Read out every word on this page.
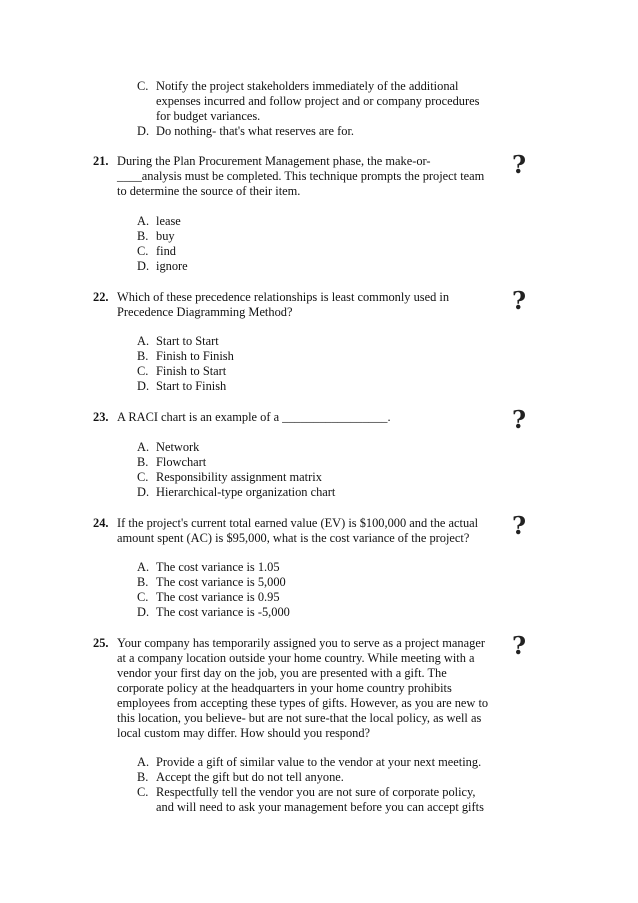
C. Notify the project stakeholders immediately of the additional
expenses incurred and follow project and or company procedures
for budget variances.
D. Do nothing- that's what reserves are for.
21. During the Plan Procurement Management phase, the make-or-
____analysis must be completed. This technique prompts the project team
to determine the source of their item.
?
A. lease
B. buy
C. find
D. ignore
22. Which of these precedence relationships is least commonly used in
Precedence Diagramming Method?	?
A. Start to Start
B. Finish to Finish
C. Finish to Start
D. Start to Finish
23. A RACI chart is an example of a _________________.	?
A. Network
B. Flowchart
C. Responsibility assignment matrix
D. Hierarchical-type organization chart
24. If the project's current total earned value (EV) is $100,000 and the actual
amount spent (AC) is $95,000, what is the cost variance of the project?	?
A. The cost variance is 1.05
B. The cost variance is 5,000
C. The cost variance is 0.95
D. The cost variance is -5,000
25. Your company has temporarily assigned you to serve as a project manager
at a company location outside your home country. While meeting with a
vendor your first day on the job, you are presented with a gift. The
corporate policy at the headquarters in your home country prohibits
employees from accepting these types of gifts. However, as you are new to
this location, you believe- but are not sure-that the local policy, as well as
local custom may differ. How should you respond?
?
A. Provide a gift of similar value to the vendor at your next meeting.
B. Accept the gift but do not tell anyone.
C. Respectfully tell the vendor you are not sure of corporate policy,
and will need to ask your management before you can accept gifts
